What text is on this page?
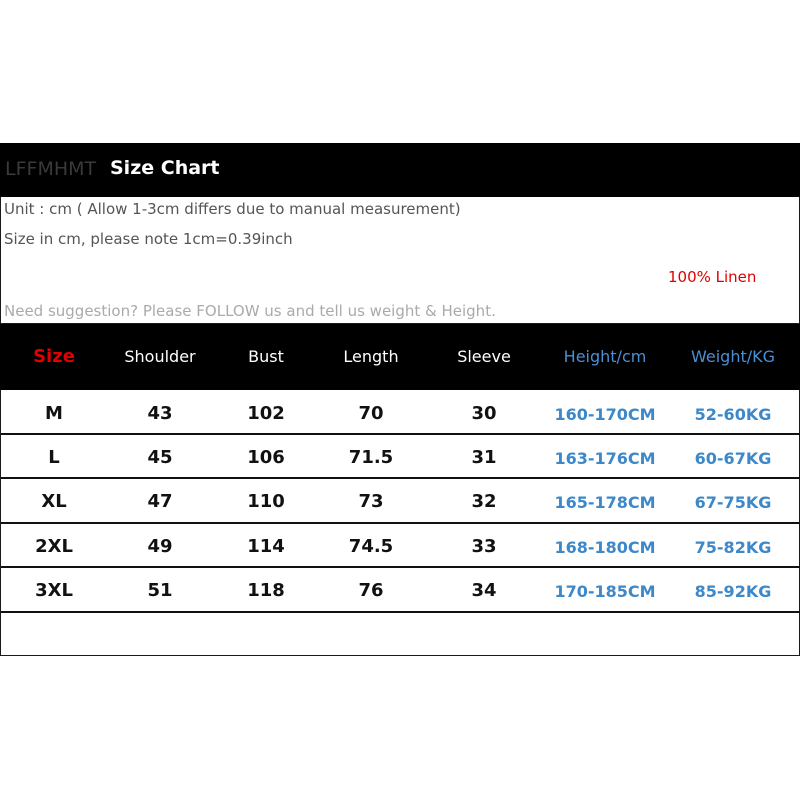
LFFMHMT Size Chart
Unit : cm ( Allow 1-3cm differs due to manual measurement)
Size in cm, please note 1cm=0.39inch
100% Linen
Need suggestion? Please FOLLOW us and tell us weight & Height.
Size	Shoulder	Bust	Length	Sleeve	Height/cm	Weight/KG
M	43	102	70	30	160-170CM 52-60KG
L	45	106	71.5	31	163-176CM 60-67KG
XL	47	110	73	32	165-178CM 67-75KG
2XL	49	114	74.5	33	168-180CM 75-82KG
3XL	51	118	76	34	170-185CM 85-92KG
